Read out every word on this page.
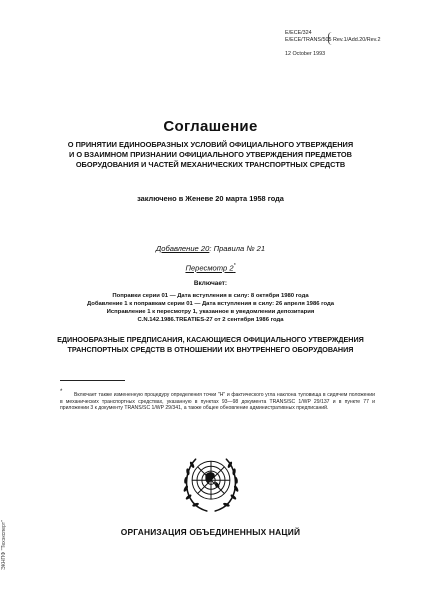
E/ECE/324
E/ECE/TRANS/505 Rev.1/Add.20/Rev.2
12 October 1993
Соглашение
О ПРИНЯТИИ ЕДИНООБРАЗНЫХ УСЛОВИЙ ОФИЦИАЛЬНОГО УТВЕРЖДЕНИЯ
И О ВЗАИМНОМ ПРИЗНАНИИ ОФИЦИАЛЬНОГО УТВЕРЖДЕНИЯ ПРЕДМЕТОВ
ОБОРУДОВАНИЯ И ЧАСТЕЙ МЕХАНИЧЕСКИХ ТРАНСПОРТНЫХ СРЕДСТВ
заключено в Женеве 20 марта 1958 года
Добавление 20: Правила № 21
Пересмотр 2*
Включает:
Поправки серии 01 — Дата вступления в силу: 8 октября 1980 года
Добавление 1 к поправкам серии 01 — Дата вступления в силу: 26 апреля 1986 года
Исправление 1 к пересмотру 1, указанное в уведомлении депозитария
C.N.142.1986.TREATIES-27 от 2 сентября 1986 года
ЕДИНООБРАЗНЫЕ ПРЕДПИСАНИЯ, КАСАЮЩИЕСЯ ОФИЦИАЛЬНОГО УТВЕРЖДЕНИЯ
ТРАНСПОРТНЫХ СРЕДСТВ В ОТНОШЕНИИ ИХ ВНУТРЕННЕГО ОБОРУДОВАНИЯ
*	Включает также измененную процедуру определения точки "H" и фактического угла наклона туловища в сидячем положении в механических транспортных средствах, указанную в пунктах 93—98 документа TRANS/SC 1/WP 29/137 и в пункте 77 и приложении 3 к документу TRANS/SC 1/WP 29/341, а также общее обновление административных предписаний.
ОРГАНИЗАЦИЯ ОБЪЕДИНЕННЫХ НАЦИЙ
ЭКНПФ "Техэксперт"
